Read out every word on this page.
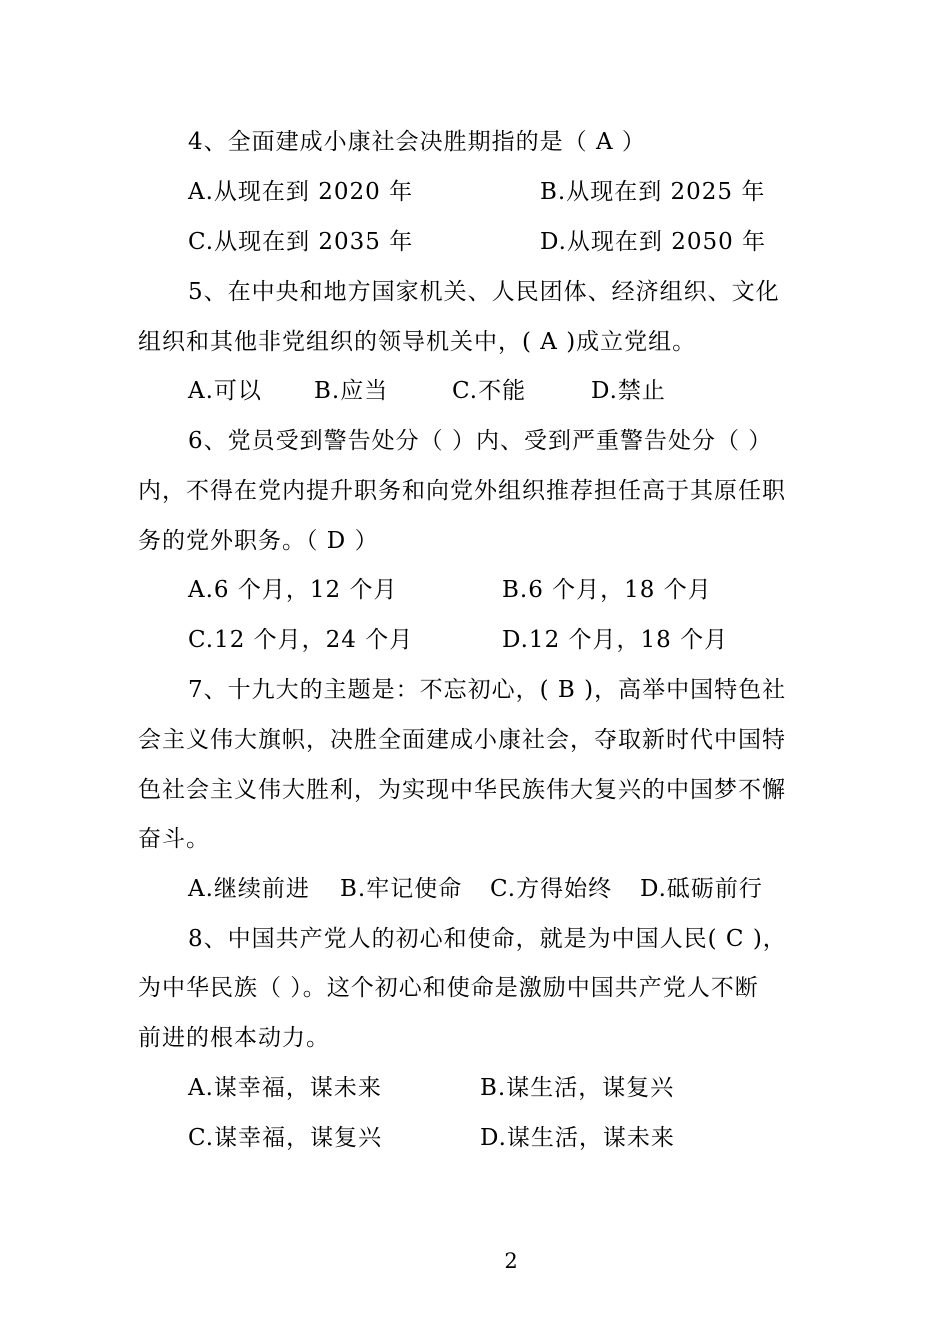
4、全面建成小康社会决胜期指的是（ A ）
A.从现在到 2020 年	B.从现在到 2025 年
C.从现在到 2035 年	D.从现在到 2050 年
5、在中央和地方国家机关、人民团体、经济组织、文化
组织和其他非党组织的领导机关中，( A )成立党组。
A.可以 B.应当	C.不能	D.禁止
6、党员受到警告处分（ ）内、受到严重警告处分（ ）
内，不得在党内提升职务和向党外组织推荐担任高于其原任职
务的党外职务。（ D ）
A.6 个月，12 个月	B.6 个月，18 个月
C.12 个月，24 个月	D.12 个月，18 个月
7、十九大的主题是：不忘初心，( B )，高举中国特色社
会主义伟大旗帜，决胜全面建成小康社会，夺取新时代中国特
色社会主义伟大胜利，为实现中华民族伟大复兴的中国梦不懈
奋斗。
A.继续前进 B.牢记使命 C.方得始终 D.砥砺前行
8、中国共产党人的初心和使命，就是为中国人民( C )，
为中华民族（ ）。这个初心和使命是激励中国共产党人不断
前进的根本动力。
A.谋幸福，谋未来	B.谋生活，谋复兴
C.谋幸福，谋复兴	D.谋生活，谋未来
2
